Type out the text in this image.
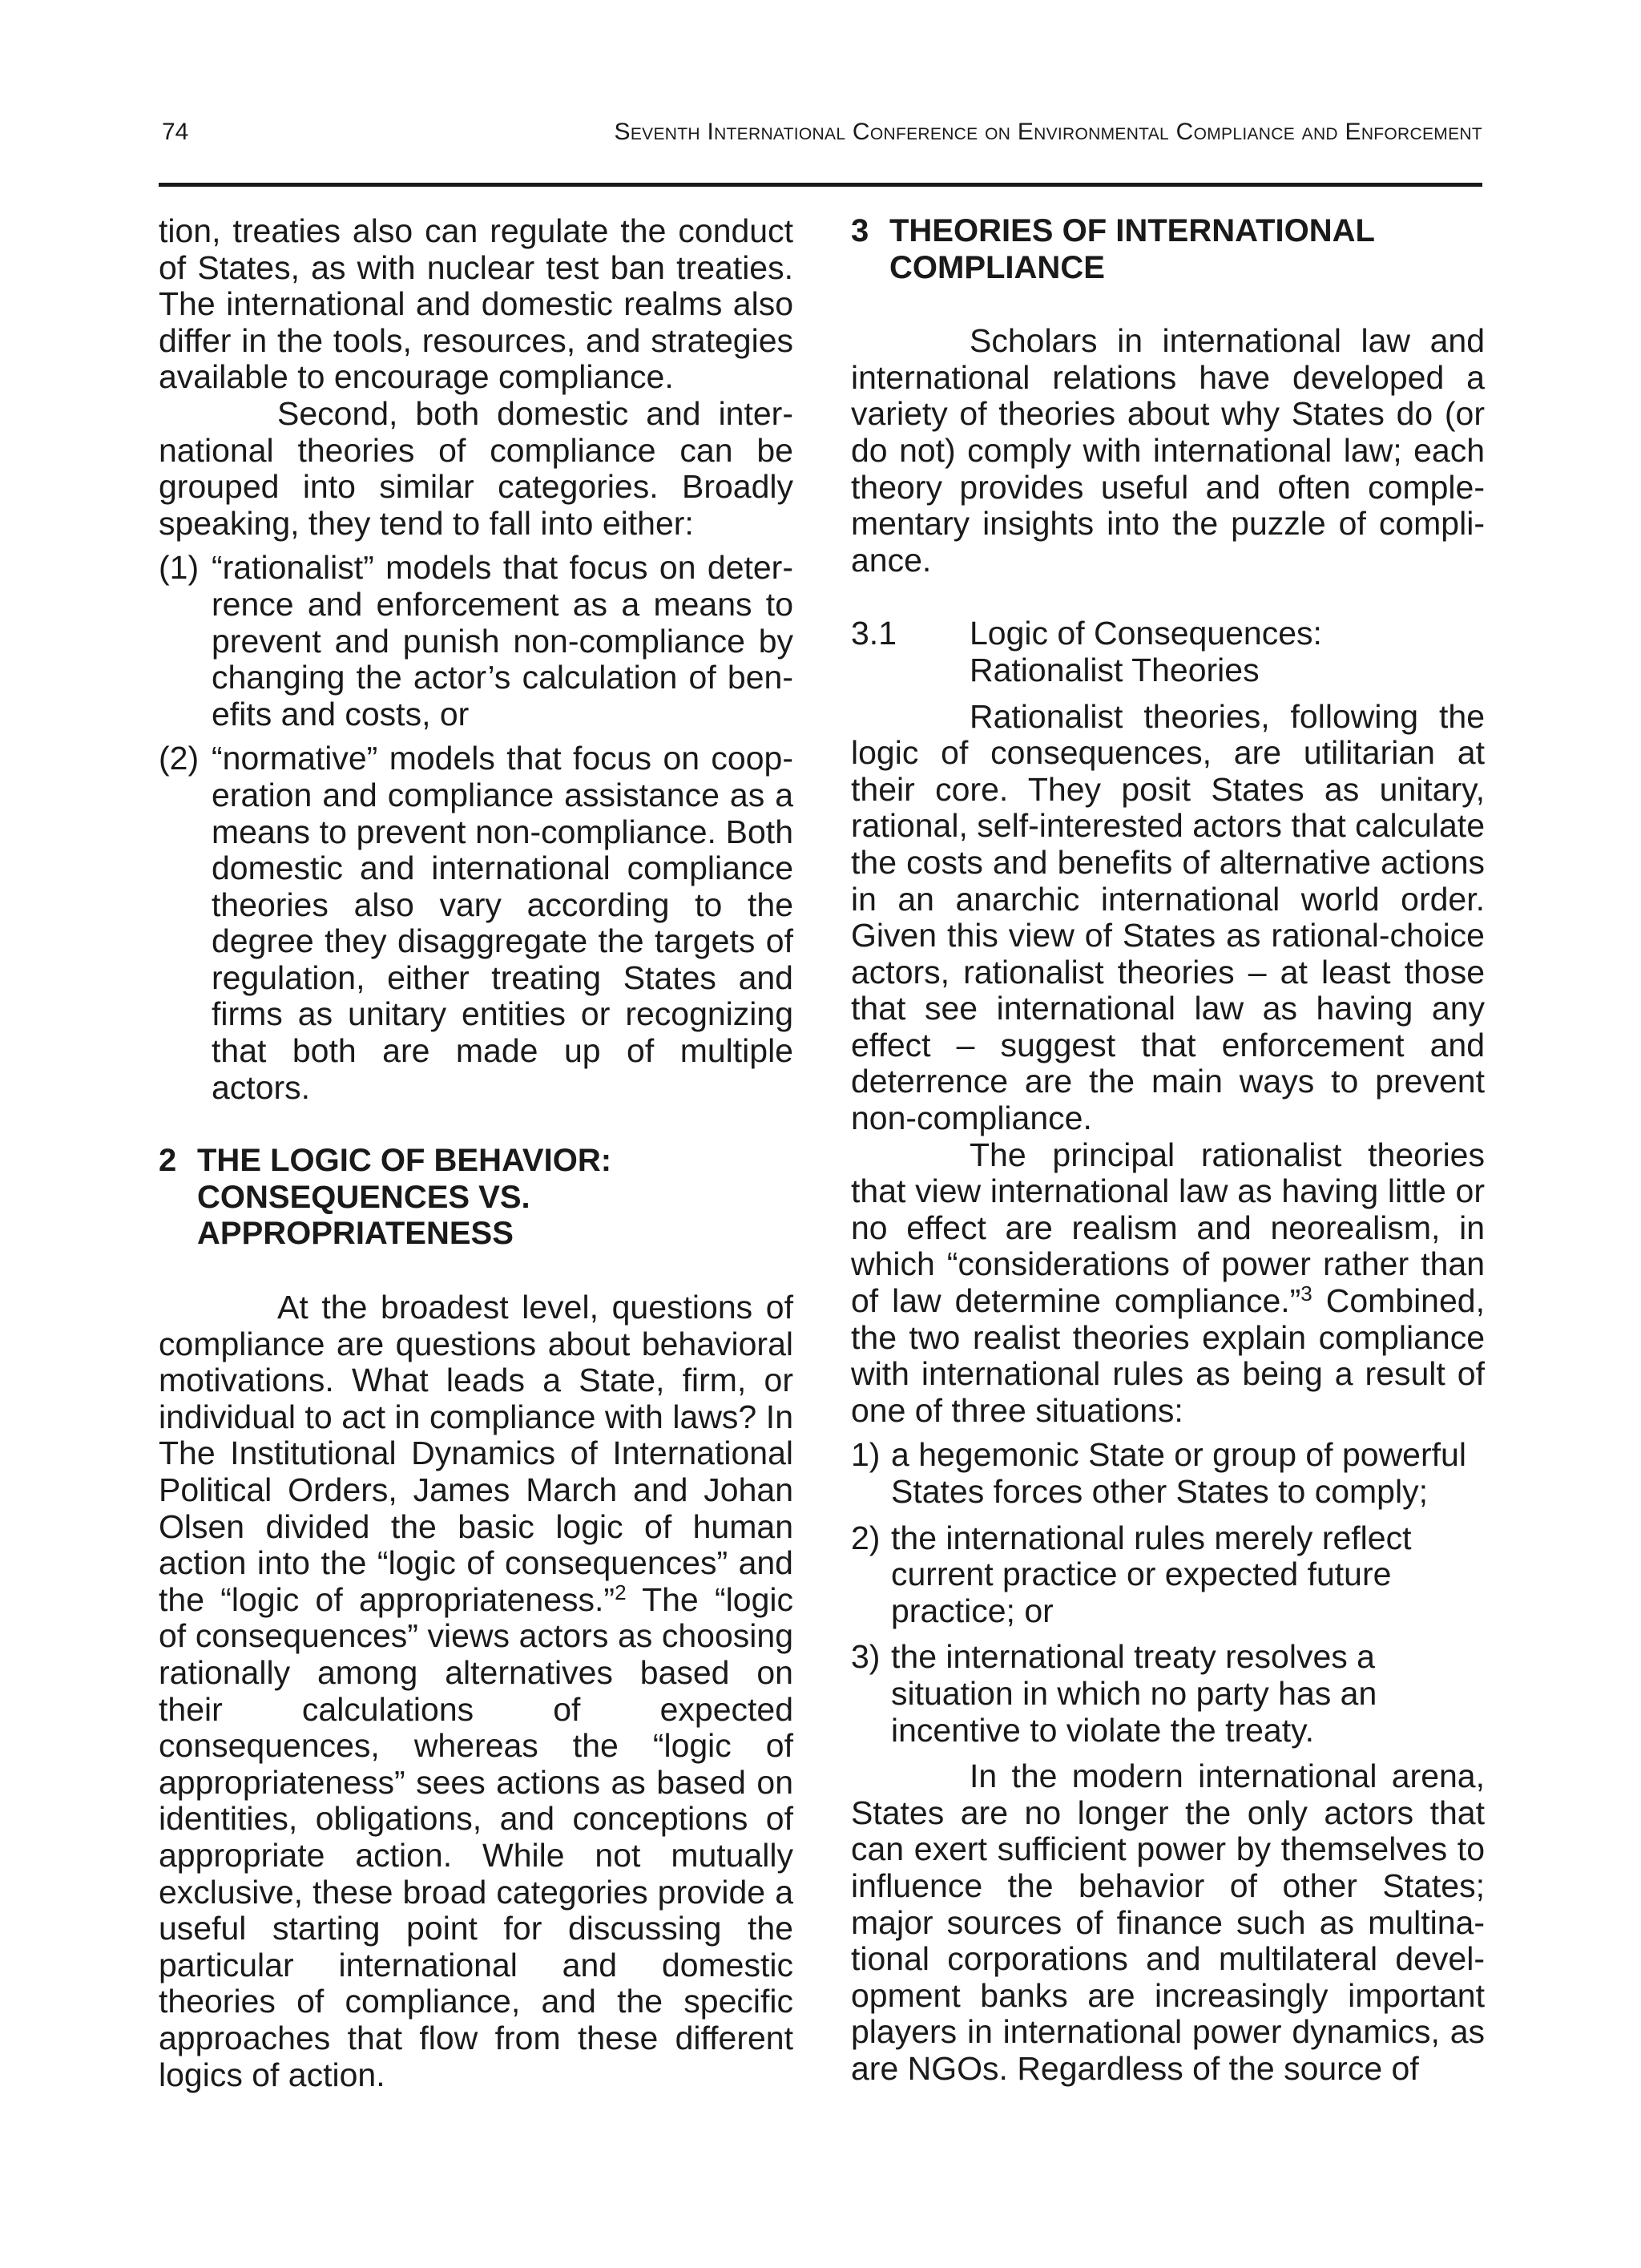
74	Seventh International Conference on Environmental Compliance and Enforcement

tion, treaties also can regulate the conduct of States, as with nuclear test ban treaties. The international and domestic realms also differ in the tools, resources, and strategies available to encourage compliance.

Second, both domestic and international theories of compliance can be grouped into similar categories. Broadly speaking, they tend to fall into either:

(1) “rationalist” models that focus on deterrence and enforcement as a means to prevent and punish non-compliance by changing the actor’s calculation of benefits and costs, or

(2) “normative” models that focus on cooperation and compliance assistance as a means to prevent non-compliance. Both domestic and international compliance theories also vary according to the degree they disaggregate the targets of regulation, either treating States and firms as unitary entities or recognizing that both are made up of multiple actors.

2 THE LOGIC OF BEHAVIOR:
CONSEQUENCES VS.
APPROPRIATENESS

At the broadest level, questions of compliance are questions about behavioral motivations. What leads a State, firm, or individual to act in compliance with laws? In The Institutional Dynamics of International Political Orders, James March and Johan Olsen divided the basic logic of human action into the “logic of consequences” and the “logic of appropriateness.”$^2$ The “logic of consequences” views actors as choosing rationally among alternatives based on their calculations of expected consequences, whereas the “logic of appropriateness” sees actions as based on identities, obligations, and conceptions of appropriate action. While not mutually exclusive, these broad categories provide a useful starting point for discussing the particular international and domestic theories of compliance, and the specific approaches that flow from these different logics of action.

3 THEORIES OF INTERNATIONAL
COMPLIANCE

Scholars in international law and international relations have developed a variety of theories about why States do (or do not) comply with international law; each theory provides useful and often complementary insights into the puzzle of compliance.

3.1 Logic of Consequences:
Rationalist Theories

Rationalist theories, following the logic of consequences, are utilitarian at their core. They posit States as unitary, rational, self-interested actors that calculate the costs and benefits of alternative actions in an anarchic international world order. Given this view of States as rational-choice actors, rationalist theories – at least those that see international law as having any effect – suggest that enforcement and deterrence are the main ways to prevent non-compliance.

The principal rationalist theories that view international law as having little or no effect are realism and neorealism, in which “considerations of power rather than of law determine compliance.”$^3$ Combined, the two realist theories explain compliance with international rules as being a result of one of three situations:

1) a hegemonic State or group of powerful States forces other States to comply;

2) the international rules merely reflect current practice or expected future practice; or

3) the international treaty resolves a situation in which no party has an incentive to violate the treaty.

In the modern international arena, States are no longer the only actors that can exert sufficient power by themselves to influence the behavior of other States; major sources of finance such as multinational corporations and multilateral development banks are increasingly important players in international power dynamics, as are NGOs. Regardless of the source of
